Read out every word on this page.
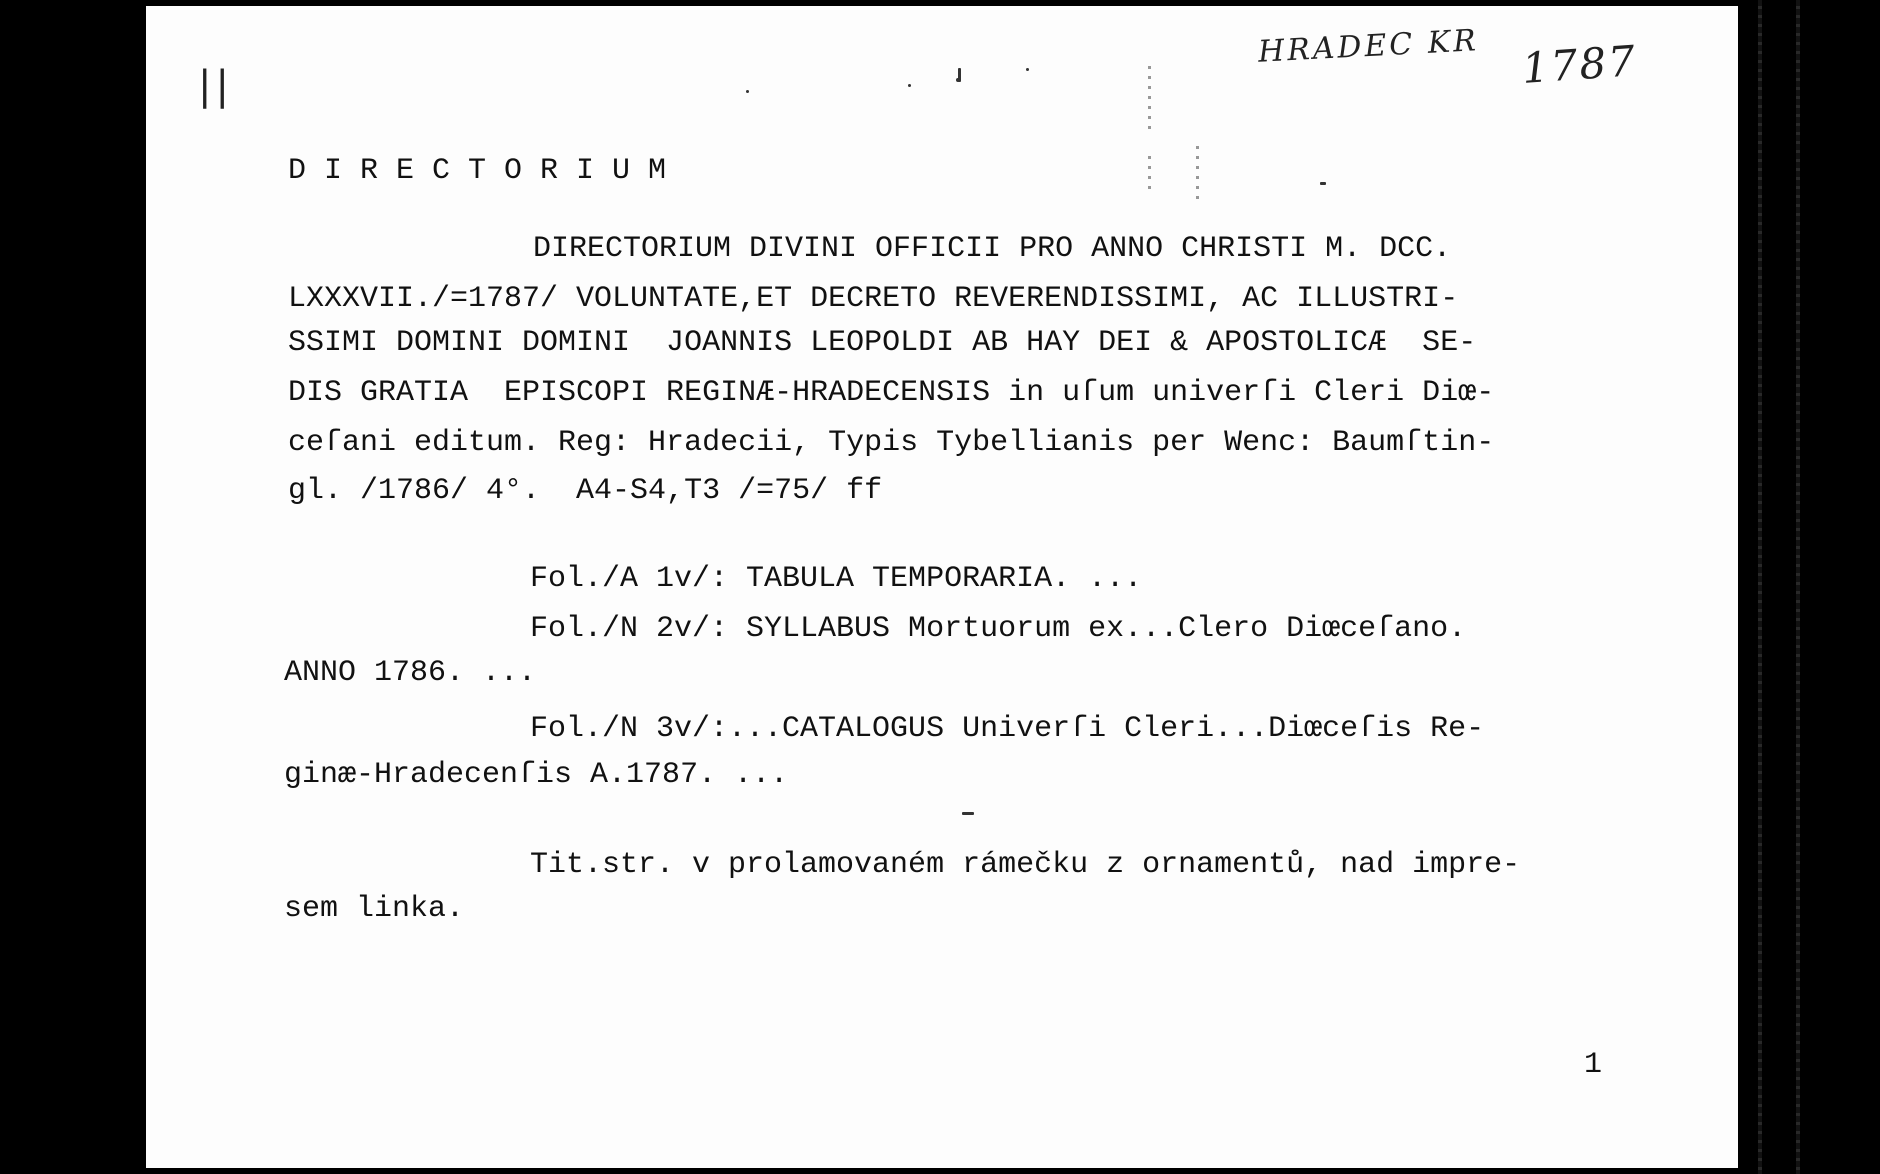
||
HRADEC KR 1787
D I R E C T O R I U M
DIRECTORIUM DIVINI OFFICII PRO ANNO CHRISTI M. DCC.
LXXXVII./=1787/ VOLUNTATE,ET DECRETO REVERENDISSIMI, AC ILLUSTRI-
SSIMI DOMINI DOMINI  JOANNIS LEOPOLDI AB HAY DEI & APOSTOLICÆ  SE-
DIS GRATIA  EPISCOPI REGINÆ-HRADECENSIS in uſum univerſi Cleri Diœ-
ceſani editum. Reg: Hradecii, Typis Tybellianis per Wenc: Baumſtin-
gl. /1786/ 4°.  A4-S4,T3 /=75/ ff
Fol./A 1v/: TABULA TEMPORARIA. ...
Fol./N 2v/: SYLLABUS Mortuorum ex...Clero Diœceſano.
ANNO 1786. ...
Fol./N 3v/:...CATALOGUS Univerſi Cleri...Diœceſis Re-
ginæ-Hradecenſis A.1787. ...
Tit.str. v prolamovaném rámečku z ornamentů, nad impre-
sem linka.
1
